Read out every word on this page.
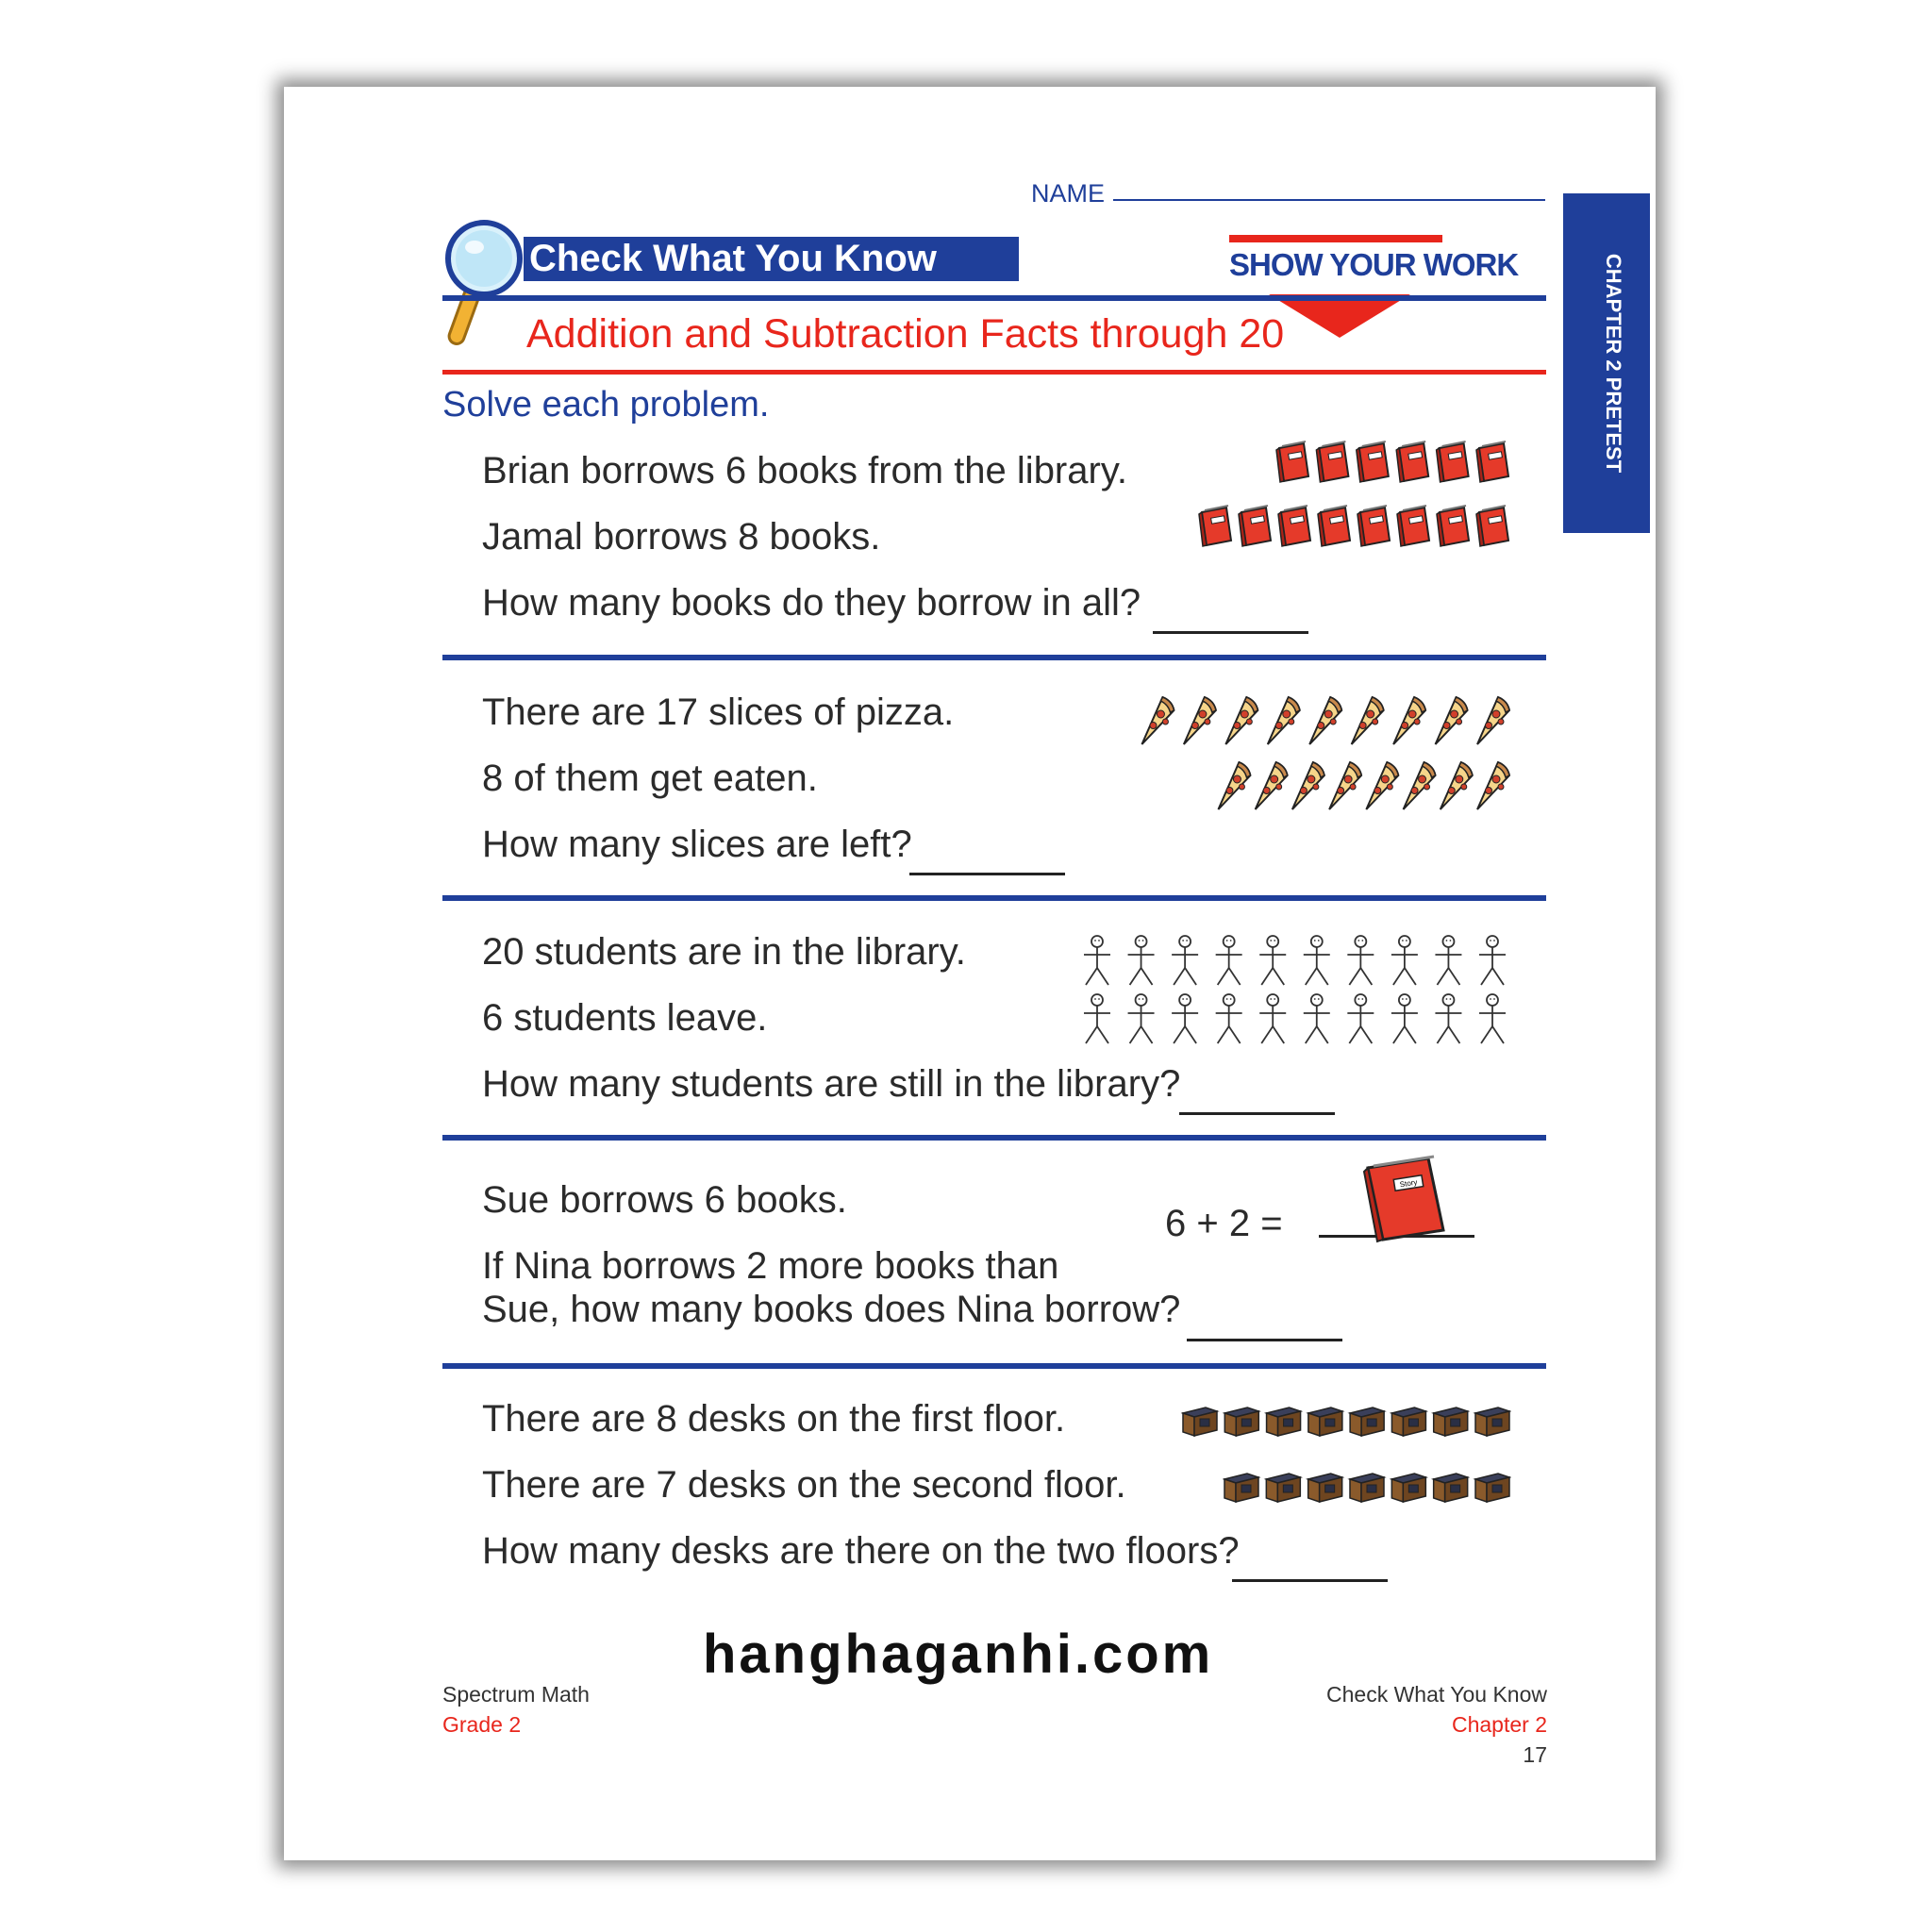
NAME
Check What You Know	SHOW YOUR WORK
Addition and Subtraction Facts through 20	CHAPTER 2 PRETEST
Solve each problem.
Brian borrows 6 books from the library.
Jamal borrows 8 books.
How many books do they borrow in all?
There are 17 slices of pizza.
8 of them get eaten.
How many slices are left?
20 students are in the library.
6 students leave.
How many students are still in the library?
Sue borrows 6 books.
If Nina borrows 2 more books than
Sue, how many books does Nina borrow?
6 + 2 =
Story
There are 8 desks on the first floor.
There are 7 desks on the second floor.
How many desks are there on the two floors?
hanghaganhi.com
Spectrum Math
Grade 2
Check What You Know
Chapter 2
17
